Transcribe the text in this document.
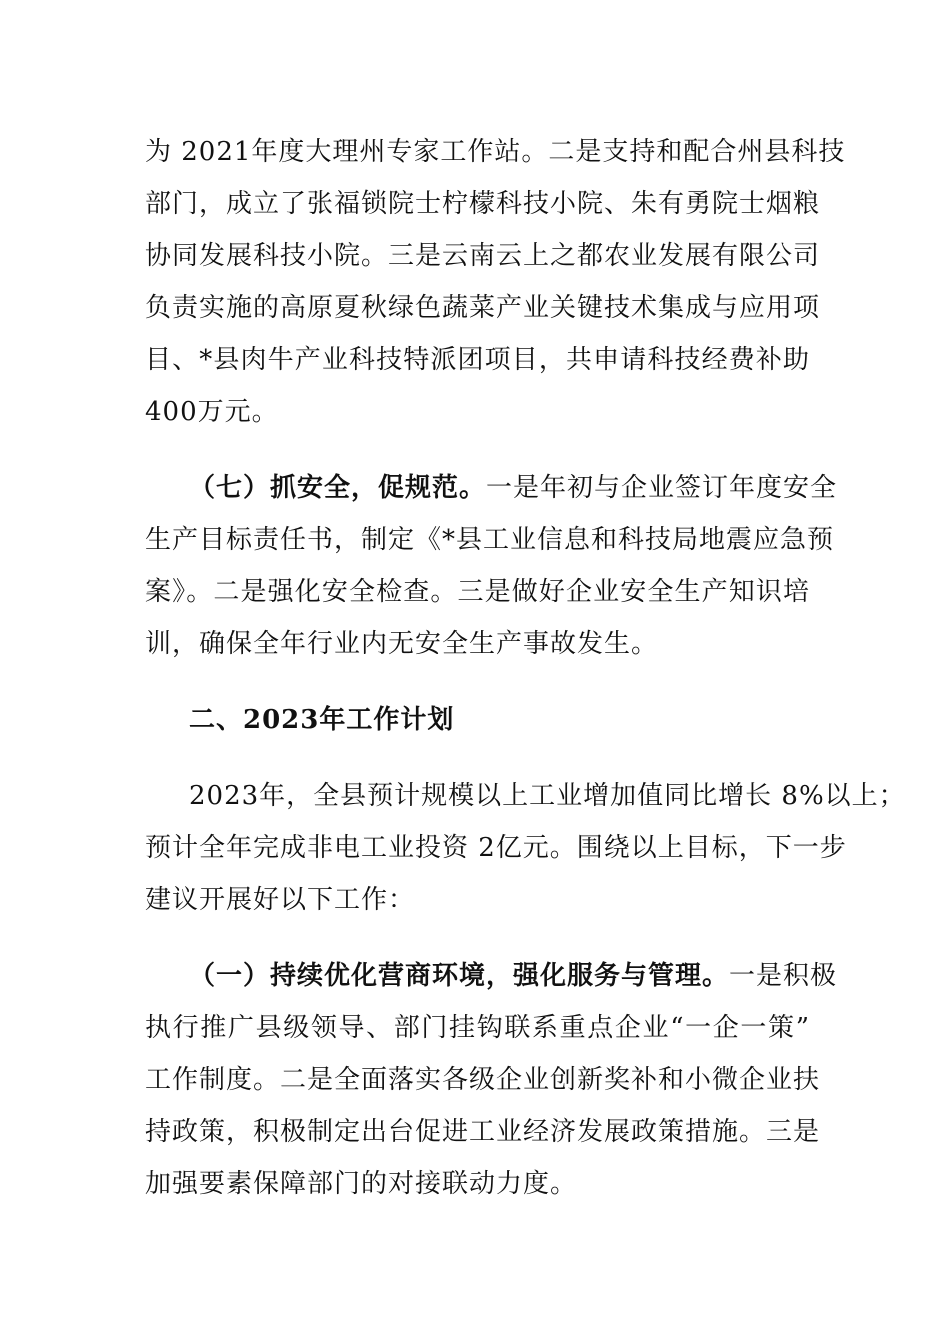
为 2021年度大理州专家工作站。二是支持和配合州县科技
部门，成立了张福锁院士柠檬科技小院、朱有勇院士烟粮
协同发展科技小院。三是云南云上之都农业发展有限公司
负责实施的高原夏秋绿色蔬菜产业关键技术集成与应用项
目、*县肉牛产业科技特派团项目，共申请科技经费补助
400万元。
（七）抓安全，促规范。一是年初与企业签订年度安全
生产目标责任书，制定《*县工业信息和科技局地震应急预
案》。二是强化安全检查。三是做好企业安全生产知识培
训，确保全年行业内无安全生产事故发生。
二、2023年工作计划
2023年，全县预计规模以上工业增加值同比增长 8%以上；
预计全年完成非电工业投资 2亿元。围绕以上目标，下一步
建议开展好以下工作：
（一）持续优化营商环境，强化服务与管理。一是积极
执行推广县级领导、部门挂钩联系重点企业“一企一策”
工作制度。二是全面落实各级企业创新奖补和小微企业扶
持政策，积极制定出台促进工业经济发展政策措施。三是
加强要素保障部门的对接联动力度。
